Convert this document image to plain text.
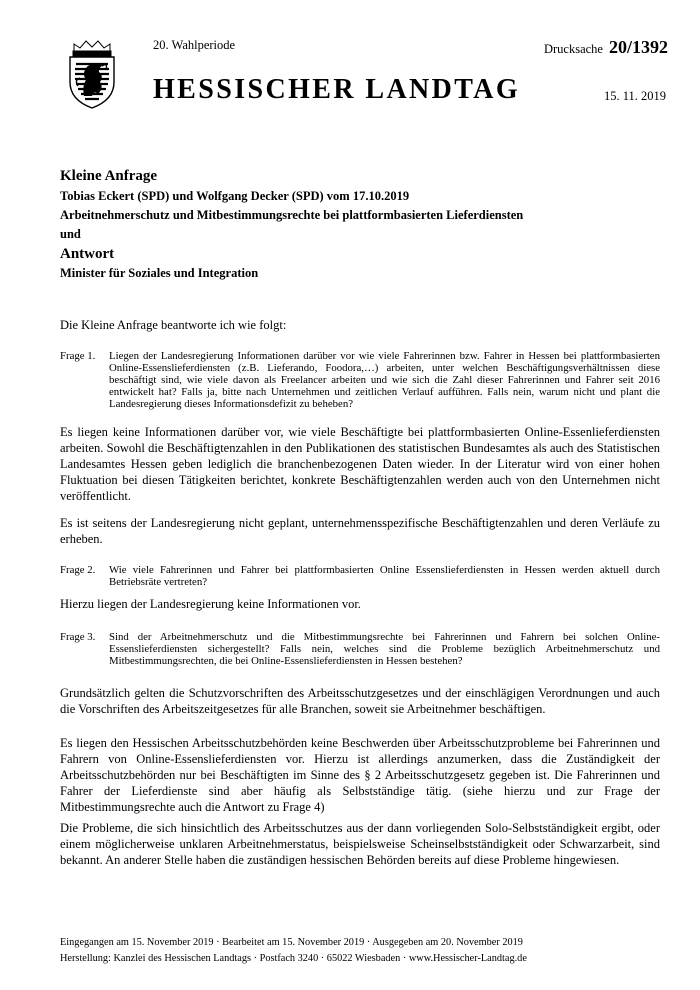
20. Wahlperiode	Drucksache 20/1392
HESSISCHER LANDTAG	15. 11. 2019
Kleine Anfrage
Tobias Eckert (SPD) und Wolfgang Decker (SPD) vom 17.10.2019
Arbeitnehmerschutz und Mitbestimmungsrechte bei plattformbasierten Lieferdiensten
und
Antwort
Minister für Soziales und Integration
Die Kleine Anfrage beantworte ich wie folgt:
Frage 1.	Liegen der Landesregierung Informationen darüber vor wie viele Fahrerinnen bzw. Fahrer in Hessen bei plattformbasierten Online-Essenslieferdiensten (z.B. Lieferando, Foodora,…) arbeiten, unter welchen Beschäftigungsverhältnissen diese beschäftigt sind, wie viele davon als Freelancer arbeiten und wie sich die Zahl dieser Fahrerinnen und Fahrer seit 2016 entwickelt hat? Falls ja, bitte nach Unternehmen und zeitlichen Verlauf aufführen. Falls nein, warum nicht und plant die Landesregierung dieses Informationsdefizit zu beheben?
Es liegen keine Informationen darüber vor, wie viele Beschäftigte bei plattformbasierten Online-Essenlieferdiensten arbeiten. Sowohl die Beschäftigtenzahlen in den Publikationen des statistischen Bundesamtes als auch des Statistischen Landesamtes Hessen geben lediglich die branchenbezogenen Daten wieder. In der Literatur wird von einer hohen Fluktuation bei diesen Tätigkeiten berichtet, konkrete Beschäftigtenzahlen werden auch von den Unternehmen nicht veröffentlicht.
Es ist seitens der Landesregierung nicht geplant, unternehmensspezifische Beschäftigtenzahlen und deren Verläufe zu erheben.
Frage 2.	Wie viele Fahrerinnen und Fahrer bei plattformbasierten Online Essenslieferdiensten in Hessen werden aktuell durch Betriebsräte vertreten?
Hierzu liegen der Landesregierung keine Informationen vor.
Frage 3.	Sind der Arbeitnehmerschutz und die Mitbestimmungsrechte bei Fahrerinnen und Fahrern bei solchen Online-Essenslieferdiensten sichergestellt? Falls nein, welches sind die Probleme bezüglich Arbeitnehmerschutz und Mitbestimmungsrechten, die bei Online-Essenslieferdiensten in Hessen bestehen?
Grundsätzlich gelten die Schutzvorschriften des Arbeitsschutzgesetzes und der einschlägigen Verordnungen und auch die Vorschriften des Arbeitszeitgesetzes für alle Branchen, soweit sie Arbeitnehmer beschäftigen.
Es liegen den Hessischen Arbeitsschutzbehörden keine Beschwerden über Arbeitsschutzprobleme bei Fahrerinnen und Fahrern von Online-Essenslieferdiensten vor. Hierzu ist allerdings anzumerken, dass die Zuständigkeit der Arbeitsschutzbehörden nur bei Beschäftigten im Sinne des § 2 Arbeitsschutzgesetz gegeben ist. Die Fahrerinnen und Fahrer der Lieferdienste sind aber häufig als Selbstständige tätig. (siehe hierzu und zur Frage der Mitbestimmungsrechte auch die Antwort zu Frage 4)
Die Probleme, die sich hinsichtlich des Arbeitsschutzes aus der dann vorliegenden Solo-Selbstständigkeit ergibt, oder einem möglicherweise unklaren Arbeitnehmerstatus, beispielsweise Scheinselbstständigkeit oder Schwarzarbeit, sind bekannt. An anderer Stelle haben die zuständigen hessischen Behörden bereits auf diese Probleme hingewiesen.
Eingegangen am 15. November 2019 · Bearbeitet am 15. November 2019 · Ausgegeben am 20. November 2019
Herstellung: Kanzlei des Hessischen Landtags · Postfach 3240 · 65022 Wiesbaden · www.Hessischer-Landtag.de
